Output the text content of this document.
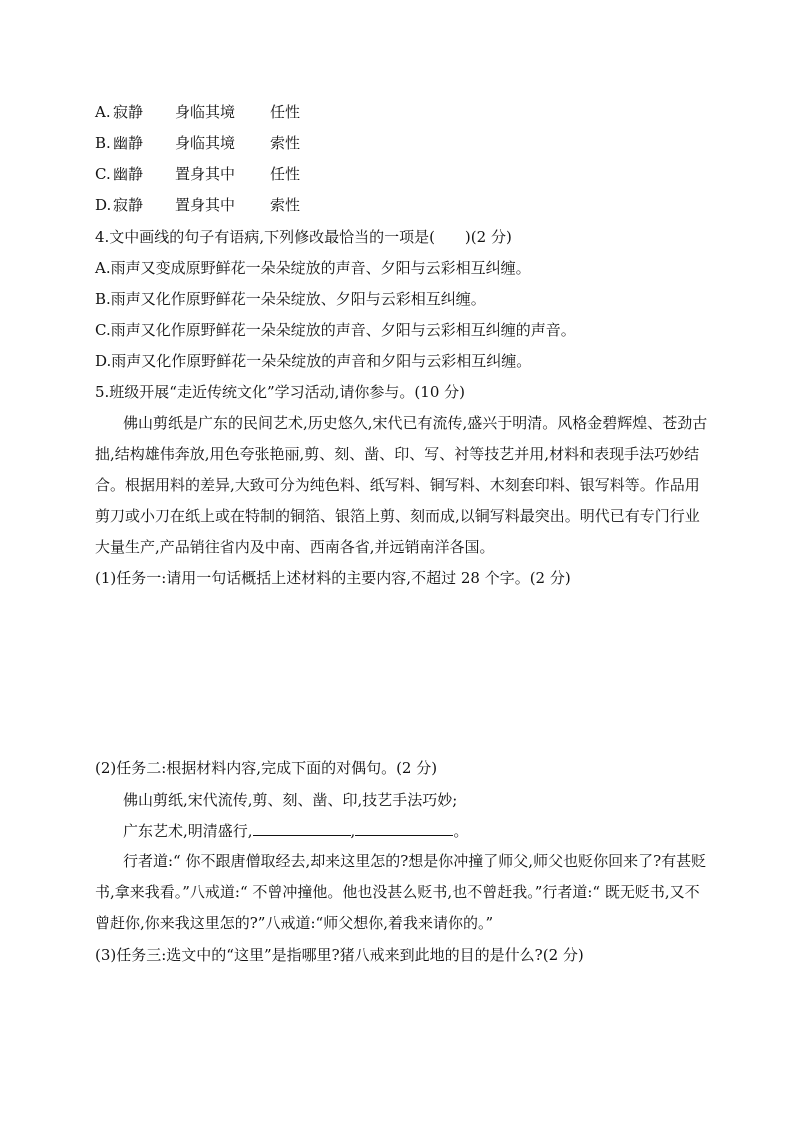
A. 寂静 身临其境 任性
B. 幽静 身临其境 索性
C. 幽静 置身其中 任性
D. 寂静 置身其中 索性
4.文中画线的句子有语病,下列修改最恰当的一项是(　　)(2 分)
A.雨声又变成原野鲜花一朵朵绽放的声音、夕阳与云彩相互纠缠。
B.雨声又化作原野鲜花一朵朵绽放、夕阳与云彩相互纠缠。
C.雨声又化作原野鲜花一朵朵绽放的声音、夕阳与云彩相互纠缠的声音。
D.雨声又化作原野鲜花一朵朵绽放的声音和夕阳与云彩相互纠缠。
5.班级开展“走近传统文化”学习活动,请你参与。(10 分)
佛山剪纸是广东的民间艺术,历史悠久,宋代已有流传,盛兴于明清。风格金碧辉煌、苍劲古拙,结构雄伟奔放,用色夸张艳丽,剪、刻、凿、印、写、衬等技艺并用,材料和表现手法巧妙结合。根据用料的差异,大致可分为纯色料、纸写料、铜写料、木刻套印料、银写料等。作品用剪刀或小刀在纸上或在特制的铜箔、银箔上剪、刻而成,以铜写料最突出。明代已有专门行业大量生产,产品销往省内及中南、西南各省,并远销南洋各国。
(1)任务一:请用一句话概括上述材料的主要内容,不超过 28 个字。(2 分)
(2)任务二:根据材料内容,完成下面的对偶句。(2 分)
佛山剪纸,宋代流传,剪、刻、凿、印,技艺手法巧妙;
广东艺术,明清盛行,	,	。
行者道:“ 你不跟唐僧取经去,却来这里怎的?想是你冲撞了师父,师父也贬你回来了?有甚贬书,拿来我看。”八戒道:“ 不曾冲撞他。他也没甚么贬书,也不曾赶我。”行者道:“ 既无贬书,又不曾赶你,你来我这里怎的?”八戒道:“师父想你,着我来请你的。”
(3)任务三:选文中的“这里”是指哪里?猪八戒来到此地的目的是什么?(2 分)
